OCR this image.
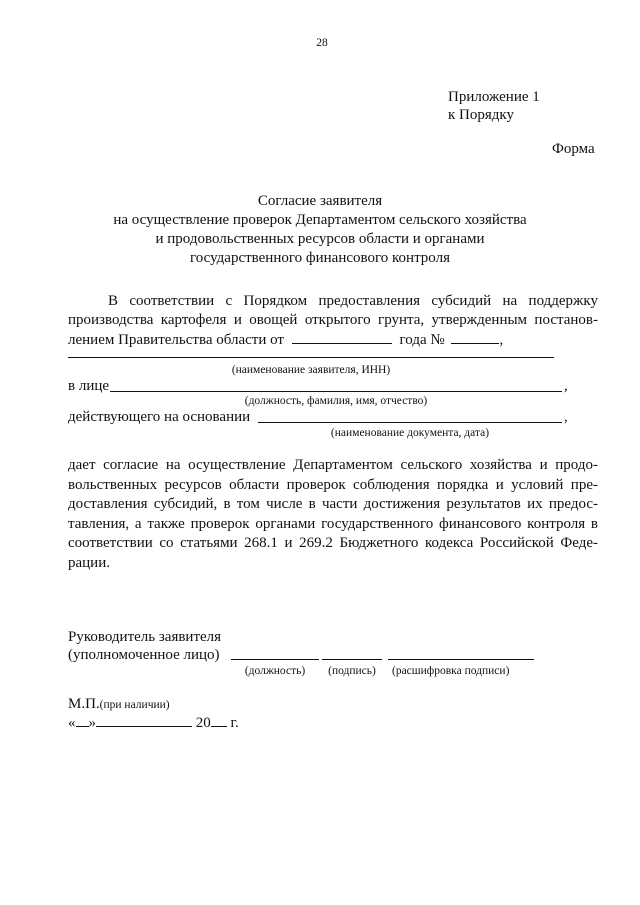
28
Приложение 1
к Порядку
Форма
Согласие заявителя
на осуществление проверок Департаментом сельского хозяйства
и продовольственных ресурсов области и органами
государственного финансового контроля
В соответствии с Порядком предоставления субсидий на поддержку
производства картофеля и овощей открытого грунта, утвержденным постанов-
лением Правительства области от	года №	,
(наименование заявителя, ИНН)
в лице	,
(должность, фамилия, имя, отчество)
действующего на основании	,
(наименование документа, дата)
дает согласие на осуществление Департаментом сельского хозяйства и продо-
вольственных ресурсов области проверок соблюдения порядка и условий пре-
доставления субсидий, в том числе в части достижения результатов их предос-
тавления, а также проверок органами государственного финансового контроля в
соответствии со статьями 268.1 и 269.2 Бюджетного кодекса Российской Феде-
рации.
Руководитель заявителя
(уполномоченное лицо)
(должность)	(подпись)	(расшифровка подписи)
М.П.(при наличии)
« »	20 г.
